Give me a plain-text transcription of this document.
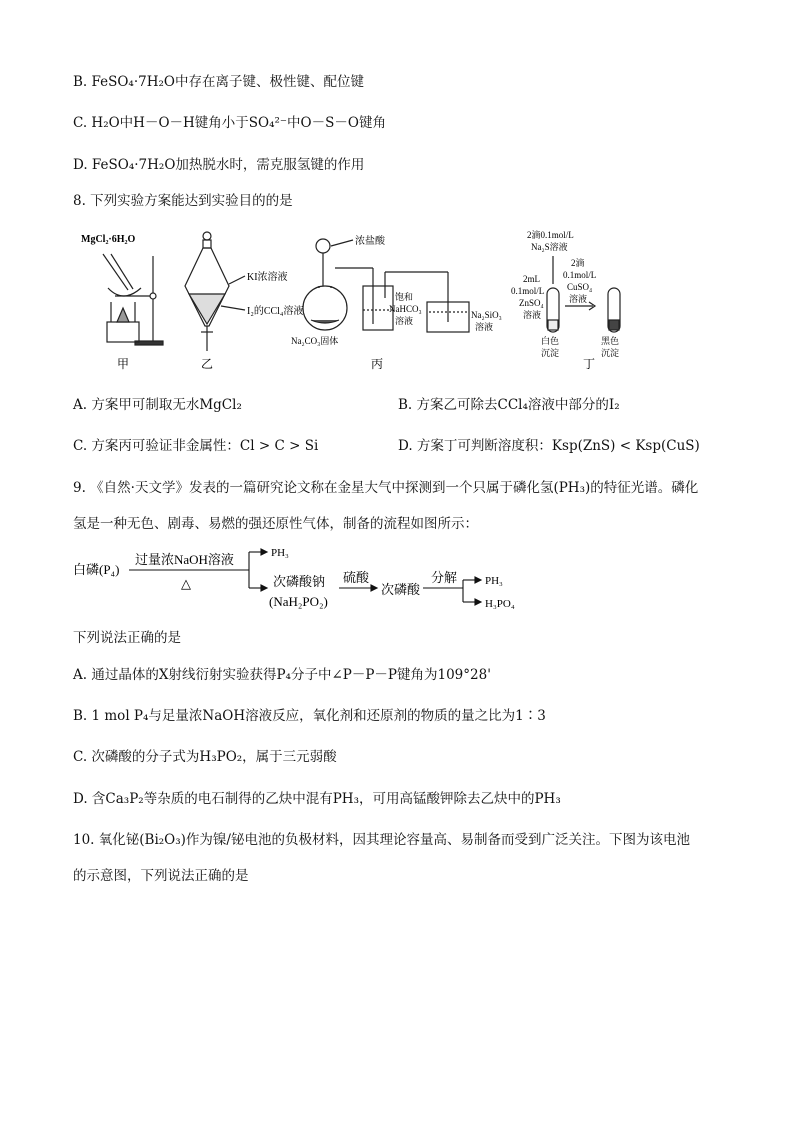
B. FeSO₄·7H₂O中存在离子键、极性键、配位键
C. H₂O中H－O－H键角小于SO₄²⁻中O－S－O键角
D. FeSO₄·7H₂O加热脱水时，需克服氢键的作用
8. 下列实验方案能达到实验目的的是
MgCl₂·6H₂O
KI浓溶液
I₂的CCl₄溶液
浓盐酸
Na₂CO₃固体
饱和
NaHCO₃
溶液
Na₂SiO₃
溶液
2滴0.1mol/L
Na₂S溶液
2mL
0.1mol/L
ZnSO₄
溶液
2滴
0.1mol/L
CuSO₄
溶液
白色
沉淀
黑色
沉淀
甲	乙	丙	丁
A. 方案甲可制取无水MgCl₂	B. 方案乙可除去CCl₄溶液中部分的I₂
C. 方案丙可验证非金属性：Cl > C > Si	D. 方案丁可判断溶度积：Ksp(ZnS) < Ksp(CuS)
9. 《自然·天文学》发表的一篇研究论文称在金星大气中探测到一个只属于磷化氢(PH₃)的特征光谱。磷化
氢是一种无色、剧毒、易燃的强还原性气体，制备的流程如图所示：
白磷(P₄)
过量浓NaOH溶液
△
PH₃
次磷酸钠
(NaH₂PO₂)
硫酸
次磷酸
分解	PH₃
H₃PO₄
下列说法正确的是
A. 通过晶体的X射线衍射实验获得P₄分子中∠P－P－P键角为109°28'
B. 1 mol P₄与足量浓NaOH溶液反应，氧化剂和还原剂的物质的量之比为1∶3
C. 次磷酸的分子式为H₃PO₂，属于三元弱酸
D. 含Ca₃P₂等杂质的电石制得的乙炔中混有PH₃，可用高锰酸钾除去乙炔中的PH₃
10. 氧化铋(Bi₂O₃)作为镍/铋电池的负极材料，因其理论容量高、易制备而受到广泛关注。下图为该电池
的示意图，下列说法正确的是
